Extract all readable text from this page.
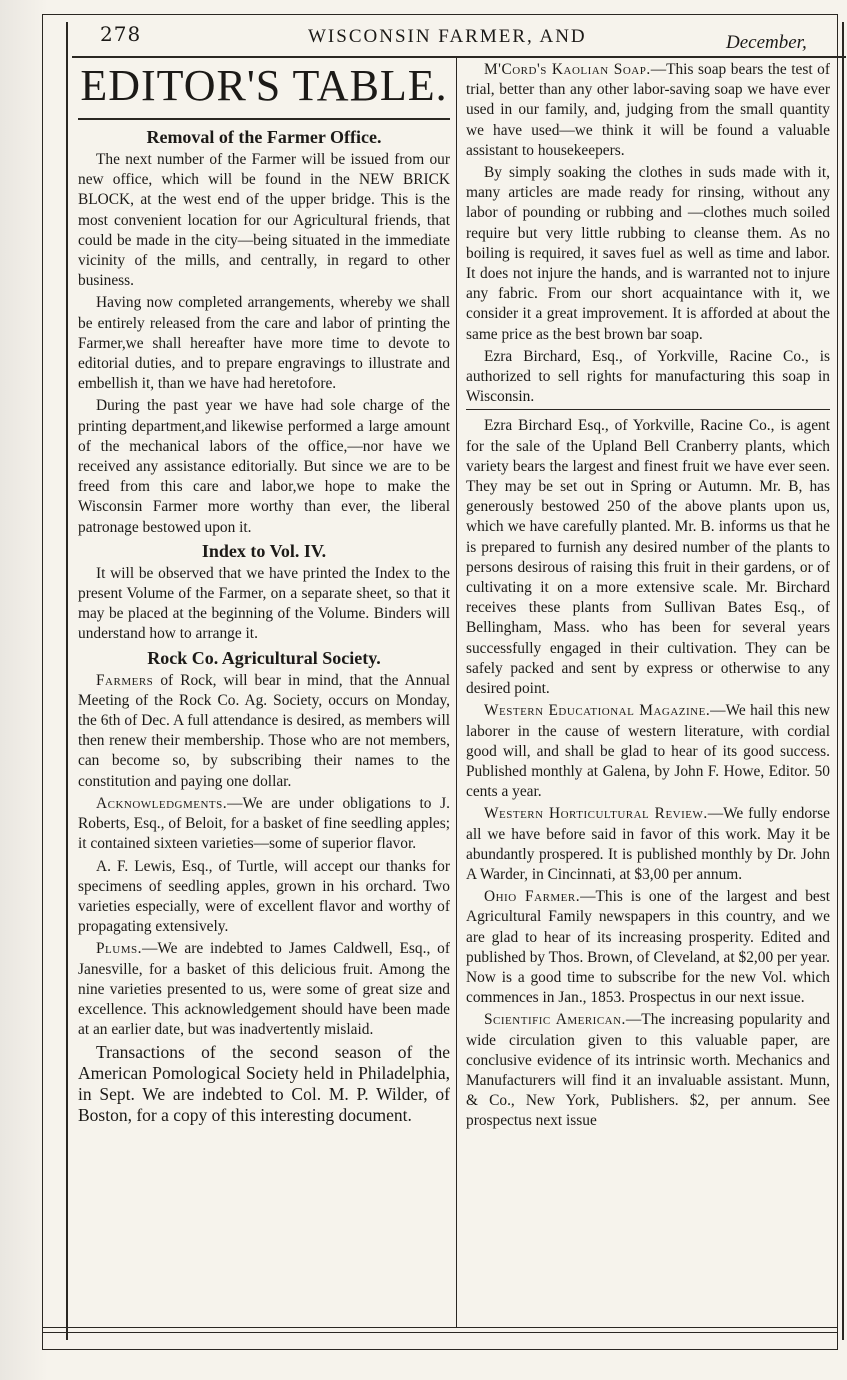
278	WISCONSIN FARMER, AND	December,
EDITOR'S TABLE.
Removal of the Farmer Office.

The next number of the Farmer will be issued from our new office, which will be found in the NEW BRICK BLOCK, at the west end of the upper bridge. This is the most convenient location for our Agricultural friends, that could be made in the city—being situated in the immediate vicinity of the mills, and centrally, in regard to other business.

Having now completed arrangements, whereby we shall be entirely released from the care and labor of printing the Farmer,we shall hereafter have more time to devote to editorial duties, and to prepare engravings to illustrate and embellish it, than we have had heretofore.

During the past year we have had sole charge of the printing department,and likewise performed a large amount of the mechanical labors of the office,—nor have we received any assistance editorially. But since we are to be freed from this care and labor,we hope to make the Wisconsin Farmer more worthy than ever, the liberal patronage bestowed upon it.

Index to Vol. IV.

It will be observed that we have printed the Index to the present Volume of the Farmer, on a separate sheet, so that it may be placed at the beginning of the Volume. Binders will understand how to arrange it.

Rock Co. Agricultural Society.

Farmers of Rock, will bear in mind, that the Annual Meeting of the Rock Co. Ag. Society, occurs on Monday, the 6th of Dec. A full attendance is desired, as members will then renew their membership. Those who are not members, can become so, by subscribing their names to the constitution and paying one dollar.

Acknowledgments.—We are under obligations to J. Roberts, Esq., of Beloit, for a basket of fine seedling apples; it contained sixteen varieties—some of superior flavor.

A. F. Lewis, Esq., of Turtle, will accept our thanks for specimens of seedling apples, grown in his orchard. Two varieties especially, were of excellent flavor and worthy of propagating extensively.

Plums.—We are indebted to James Caldwell, Esq., of Janesville, for a basket of this delicious fruit. Among the nine varieties presented to us, were some of great size and excellence. This acknowledgement should have been made at an earlier date, but was inadvertently mislaid.

Transactions of the second season of the American Pomological Society held in Philadelphia, in Sept. We are indebted to Col. M. P. Wilder, of Boston, for a copy of this interesting document.

M'Cord's Kaolian Soap.—This soap bears the test of trial, better than any other labor-saving soap we have ever used in our family, and, judging from the small quantity we have used—we think it will be found a valuable assistant to housekeepers.

By simply soaking the clothes in suds made with it, many articles are made ready for rinsing, without any labor of pounding or rubbing and —clothes much soiled require but very little rubbing to cleanse them. As no boiling is required, it saves fuel as well as time and labor. It does not injure the hands, and is warranted not to injure any fabric. From our short acquaintance with it, we consider it a great improvement. It is afforded at about the same price as the best brown bar soap.

Ezra Birchard, Esq., of Yorkville, Racine Co., is authorized to sell rights for manufacturing this soap in Wisconsin.

Ezra Birchard Esq., of Yorkville, Racine Co., is agent for the sale of the Upland Bell Cranberry plants, which variety bears the largest and finest fruit we have ever seen. They may be set out in Spring or Autumn. Mr. B, has generously bestowed 250 of the above plants upon us, which we have carefully planted. Mr. B. informs us that he is prepared to furnish any desired number of the plants to persons desirous of raising this fruit in their gardens, or of cultivating it on a more extensive scale. Mr. Birchard receives these plants from Sullivan Bates Esq., of Bellingham, Mass. who has been for several years successfully engaged in their cultivation. They can be safely packed and sent by express or otherwise to any desired point.

Western Educational Magazine.—We hail this new laborer in the cause of western literature, with cordial good will, and shall be glad to hear of its good success. Published monthly at Galena, by John F. Howe, Editor. 50 cents a year.

Western Horticultural Review.—We fully endorse all we have before said in favor of this work. May it be abundantly prospered. It is published monthly by Dr. John A Warder, in Cincinnati, at $3,00 per annum.

Ohio Farmer.—This is one of the largest and best Agricultural Family newspapers in this country, and we are glad to hear of its increasing prosperity. Edited and published by Thos. Brown, of Cleveland, at $2,00 per year. Now is a good time to subscribe for the new Vol. which commences in Jan., 1853. Prospectus in our next issue.

Scientific American.—The increasing popularity and wide circulation given to this valuable paper, are conclusive evidence of its intrinsic worth. Mechanics and Manufacturers will find it an invaluable assistant. Munn, & Co., New York, Publishers. $2, per annum. See prospectus next issue
